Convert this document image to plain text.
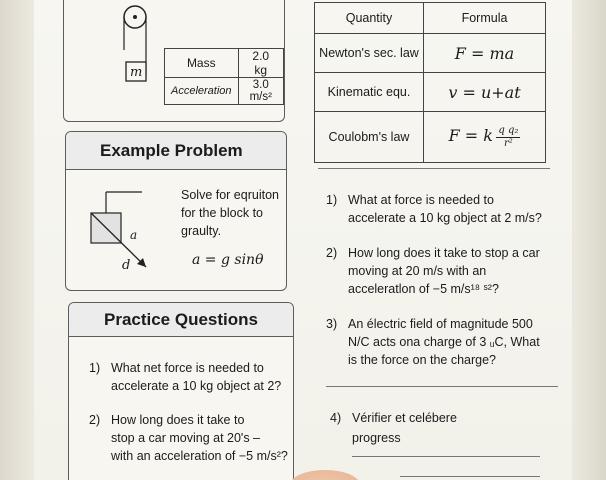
m
Mass	2.0 kg
Acceleration	3.0 m/s²
Quantity	Formula
Newton's sec. law	F = ma
Kinematic equ.	v = u+at
Coulobm's law	F = k $\frac{\text{q q₂}}{\text{r²}}$
Example Problem
a
d
Solve for eqruiton
for the block to
graulty.
a = g sinθ
Practice Questions
1) What net force is needed to
accelerate a 10 kg object at 2?
2) How long does it take to
stop a car moving at 20's –
with an acceleration of −5 m/s²?
1) What at force is needed to
accelerate a 10 kg object at 2 m/s?
2) How long does it take to stop a car
moving at 20 m/s with an
acceleratlon of −5 m/s¹⁸ ˢ²?
3) An électric field of magnitude 500
N/C acts ona charge of 3 ᵤC, What
is the force on the charge?
4) Vérifier et celébere
progress
